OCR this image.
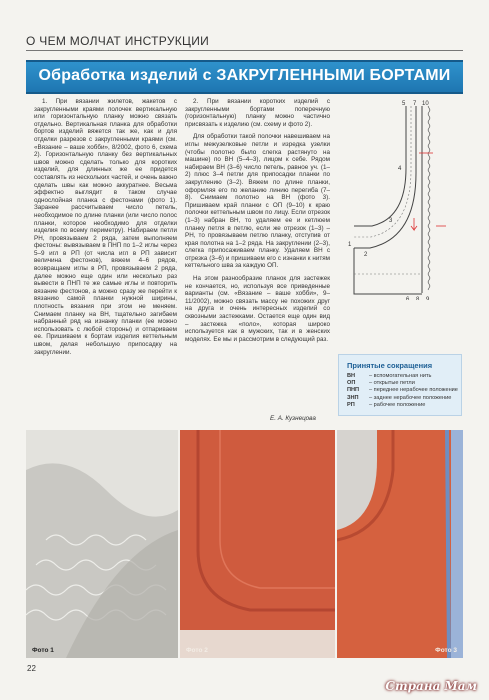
О ЧЕМ МОЛЧАТ ИНСТРУКЦИИ
Обработка изделий с ЗАКРУГЛЕННЫМИ БОРТАМИ

1. При вязании жилетов, жакетов с закругленными краями полочек вертикальную или горизонтальную планку можно связать отдельно. Вертикальная планка для обработки бортов изделий вяжется так же, как и для отделки разрезов с закругленными краями (см. «Вязание – ваше хобби», 8/2002, фото 6, схема 2). Горизонтальную планку без вертикальных швов можно сделать только для коротких изделий, для длинных же ее придется составлять из нескольких частей, и очень важно сделать швы как можно аккуратнее. Весьма эффектно выглядит в таком случае однослойная планка с фестонами (фото 1). Заранее рассчитываем число петель, необходимое по длине планки (или число полос планки, которое необходимо для отделки изделия по всему периметру). Набираем петли РН, провязываем 2 ряда, затем выполняем фестоны: вывязываем в ПНП по 1–2 иглы через 5–9 игл в РП (от числа игл в РП зависит величина фестонов), вяжем 4–6 рядов, возвращаем иглы в РП, провязываем 2 ряда, далее можно еще один или несколько раз вывести в ПНП те же самые иглы и повторить вязание фестонов, а можно сразу же перейти к вязанию самой планки нужной ширины, плотность вязания при этом не меняем. Снимаем планку на ВН, тщательно загибаем набранный ряд на изнанку планки (ее можно использовать с любой стороны) и отпариваем ее. Пришиваем к бортам изделия кеттельным швом, делая небольшую припосадку на закруглении.

2. При вязании коротких изделий с закругленными бортами поперечную (горизонтальную) планку можно частично присвязать к изделию (см. схему и фото 2).

Для обработки такой полочки навешиваем на иглы межузелковые петли и изредка узелки (чтобы полотно было слегка растянуто на машине) по ВН (5–4–3), лицом к себе. Рядом набираем ВН (3–6) число петель, равное уч. (1–2) плюс 3–4 петли для припосадки планки по закруглению (3–2). Вяжем по длине планки, оформляя его по желанию линию перегиба (7–8). Снимаем полотно на ВН (фото 3). Пришиваем край планки с ОП (9–10) к краю полочки кеттельным швом по лицу. Если отрезок (1–3) набран ВН, то удаляем ее и кетлюем планку петля в петлю, если же отрезок (1–3) – РН, то провязываем петлю планку, отступив от края полотна на 1–2 ряда. На закруглении (2–3), слегка припосаживаем планку. Удаляем ВН с отрезка (3–6) и пришиваем его с изнанки к нитям кеттельного шва за каждую ОП.

На этом разнообразие планок для застежек не кончается, но, используя все приведенные варианты (см. «Вязание – ваше хобби», 9–11/2002), можно связать массу не похожих друг на друга и очень интересных изделий со сквозными застежками. Остается еще один вид – застежка «поло», которая широко используется как в мужских, так и в женских моделях. Ее мы и рассмотрим в следующий раз.

Е. А. Кузнецова
5 7 10
4
3
2
1
6 8 9
Принятые сокращения
ВН – вспомогательная нить
ОП – открытые петли
ПНП – переднее нерабочее положение
ЗНП – заднее нерабочее положение
РП	– рабочее положение
Фото 1	Фото 2	Фото 3
22
Страна Мам
